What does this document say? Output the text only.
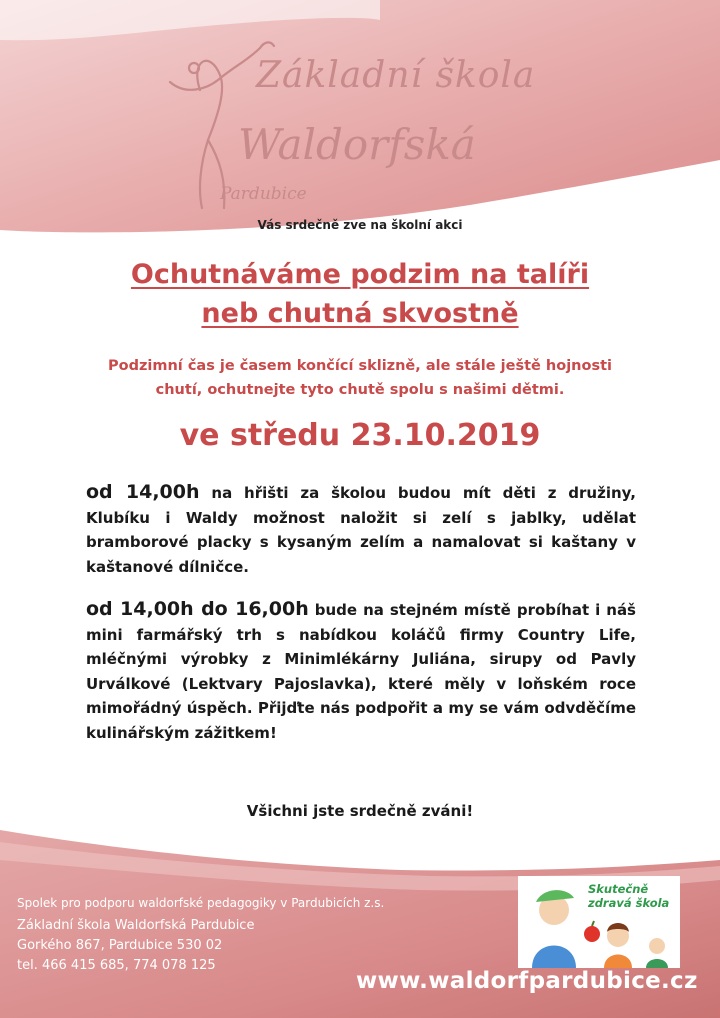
Základní škola
Waldorfská
Pardubice
Vás srdečně zve na školní akci
Ochutnáváme podzim na talíři
neb chutná skvostně
Podzimní čas je časem končící sklizně, ale stále ještě hojnosti
chutí, ochutnejte tyto chutě spolu s našimi dětmi.
ve středu 23.10.2019
od 14,00h na hřišti za školou budou mít děti z družiny, Klubíku i Waldy možnost naložit si zelí s jablky, udělat bramborové placky s kysaným zelím a namalovat si kaštany v kaštanové dílničce.
od 14,00h do 16,00h bude na stejném místě probíhat i náš mini farmářský trh s nabídkou koláčů firmy Country Life, mléčnými výrobky z Minimlékárny Juliána, sirupy od Pavly Urválkové (Lektvary Pajoslavka), které měly v loňském roce mimořádný úspěch. Přijďte nás podpořit a my se vám odvděčíme kulinářským zážitkem!
Všichni jste srdečně zváni!
Spolek pro podporu waldorfské pedagogiky v Pardubicích z.s.
Základní škola Waldorfská Pardubice
Gorkého 867, Pardubice 530 02
tel. 466 415 685, 774 078 125
Skutečně
zdravá škola
www.waldorfpardubice.cz
